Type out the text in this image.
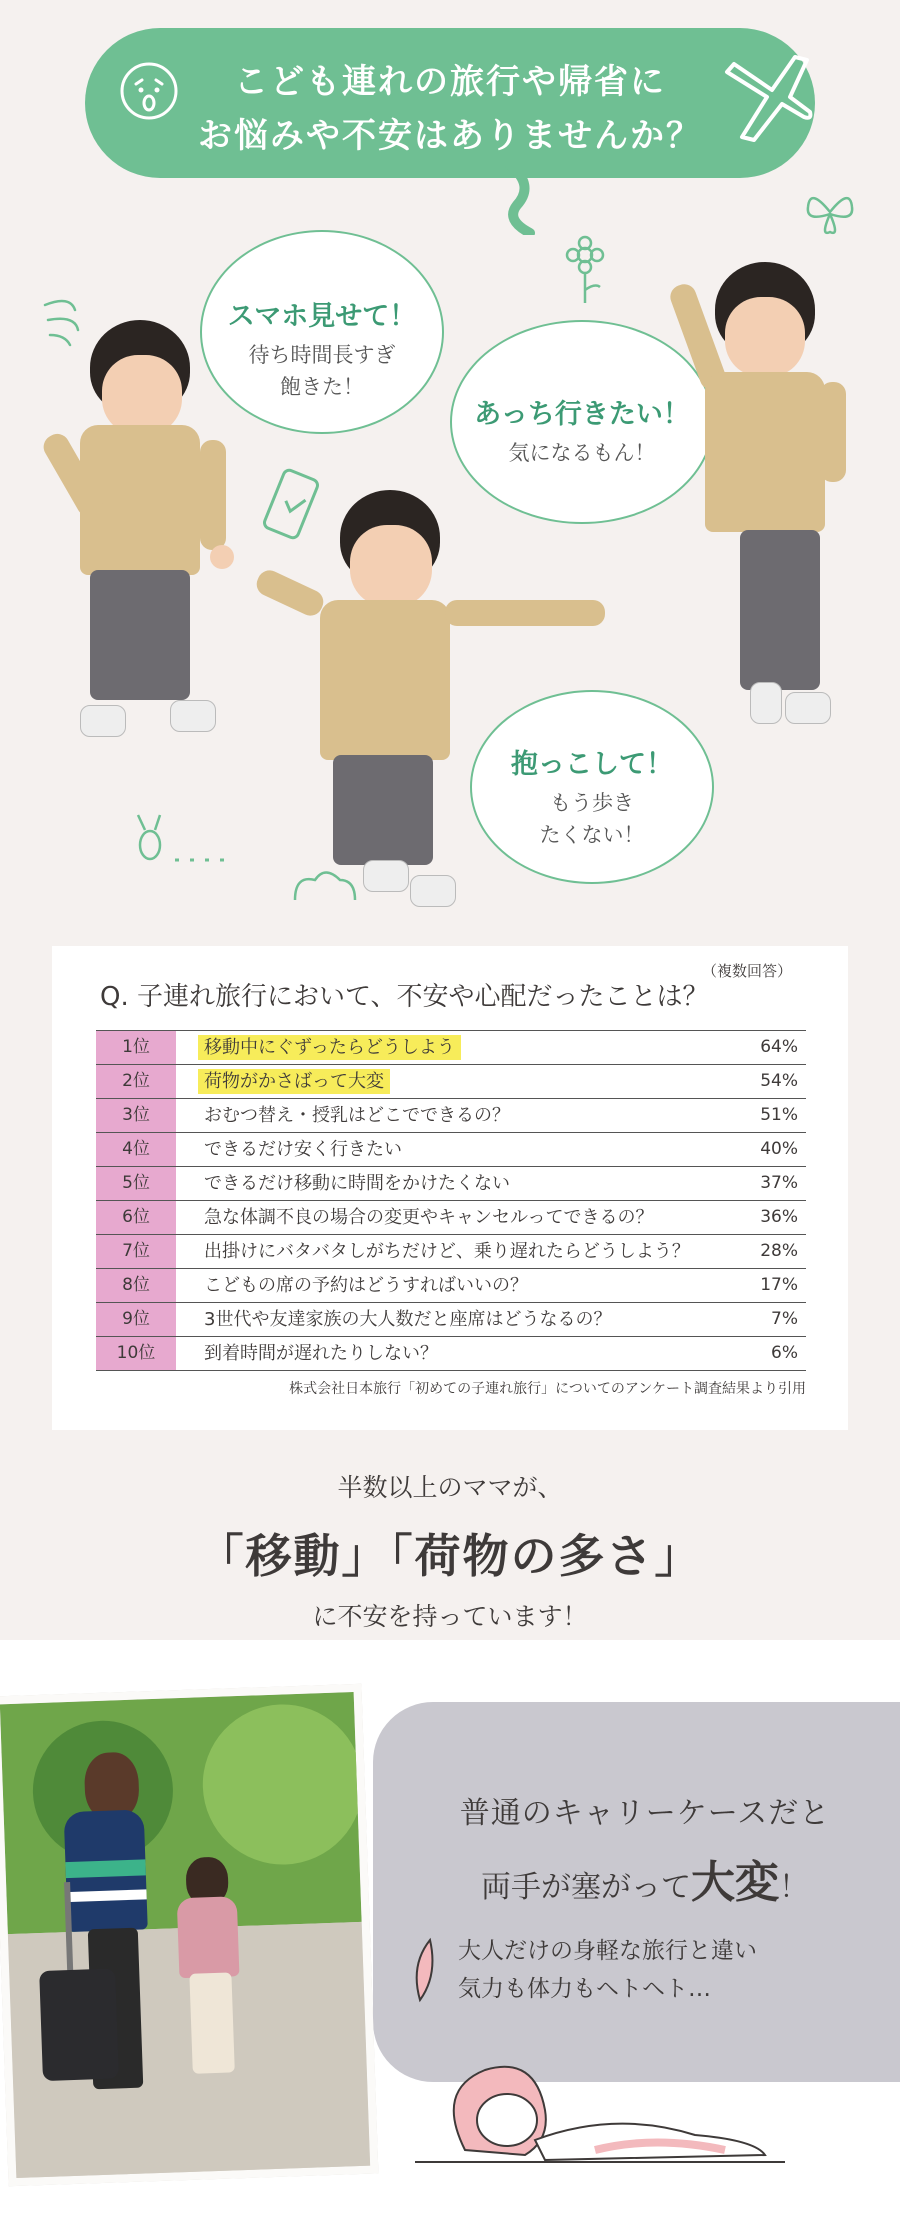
こども連れの旅行や帰省に
お悩みや不安はありませんか？
スマホ見せて！
待ち時間長すぎ
飽きた！
あっち行きたい！
気になるもん！
抱っこして！
もう歩き
たくない！
（複数回答）
Q. 子連れ旅行において、不安や心配だったことは？
1位	移動中にぐずったらどうしよう	64%
2位	荷物がかさばって大変	54%
3位	おむつ替え・授乳はどこでできるの？	51%
4位	できるだけ安く行きたい	40%
5位	できるだけ移動に時間をかけたくない	37%
6位	急な体調不良の場合の変更やキャンセルってできるの？	36%
7位	出掛けにバタバタしがちだけど、乗り遅れたらどうしよう？	28%
8位	こどもの席の予約はどうすればいいの？	17%
9位	3世代や友達家族の大人数だと座席はどうなるの？	7%
10位	到着時間が遅れたりしない？	6%
株式会社日本旅行「初めての子連れ旅行」についてのアンケート調査結果より引用
半数以上のママが、
「移動」「荷物の多さ」
に不安を持っています！
普通のキャリーケースだと
両手が塞がって大変！
大人だけの身軽な旅行と違い
気力も体力もヘトヘト…
